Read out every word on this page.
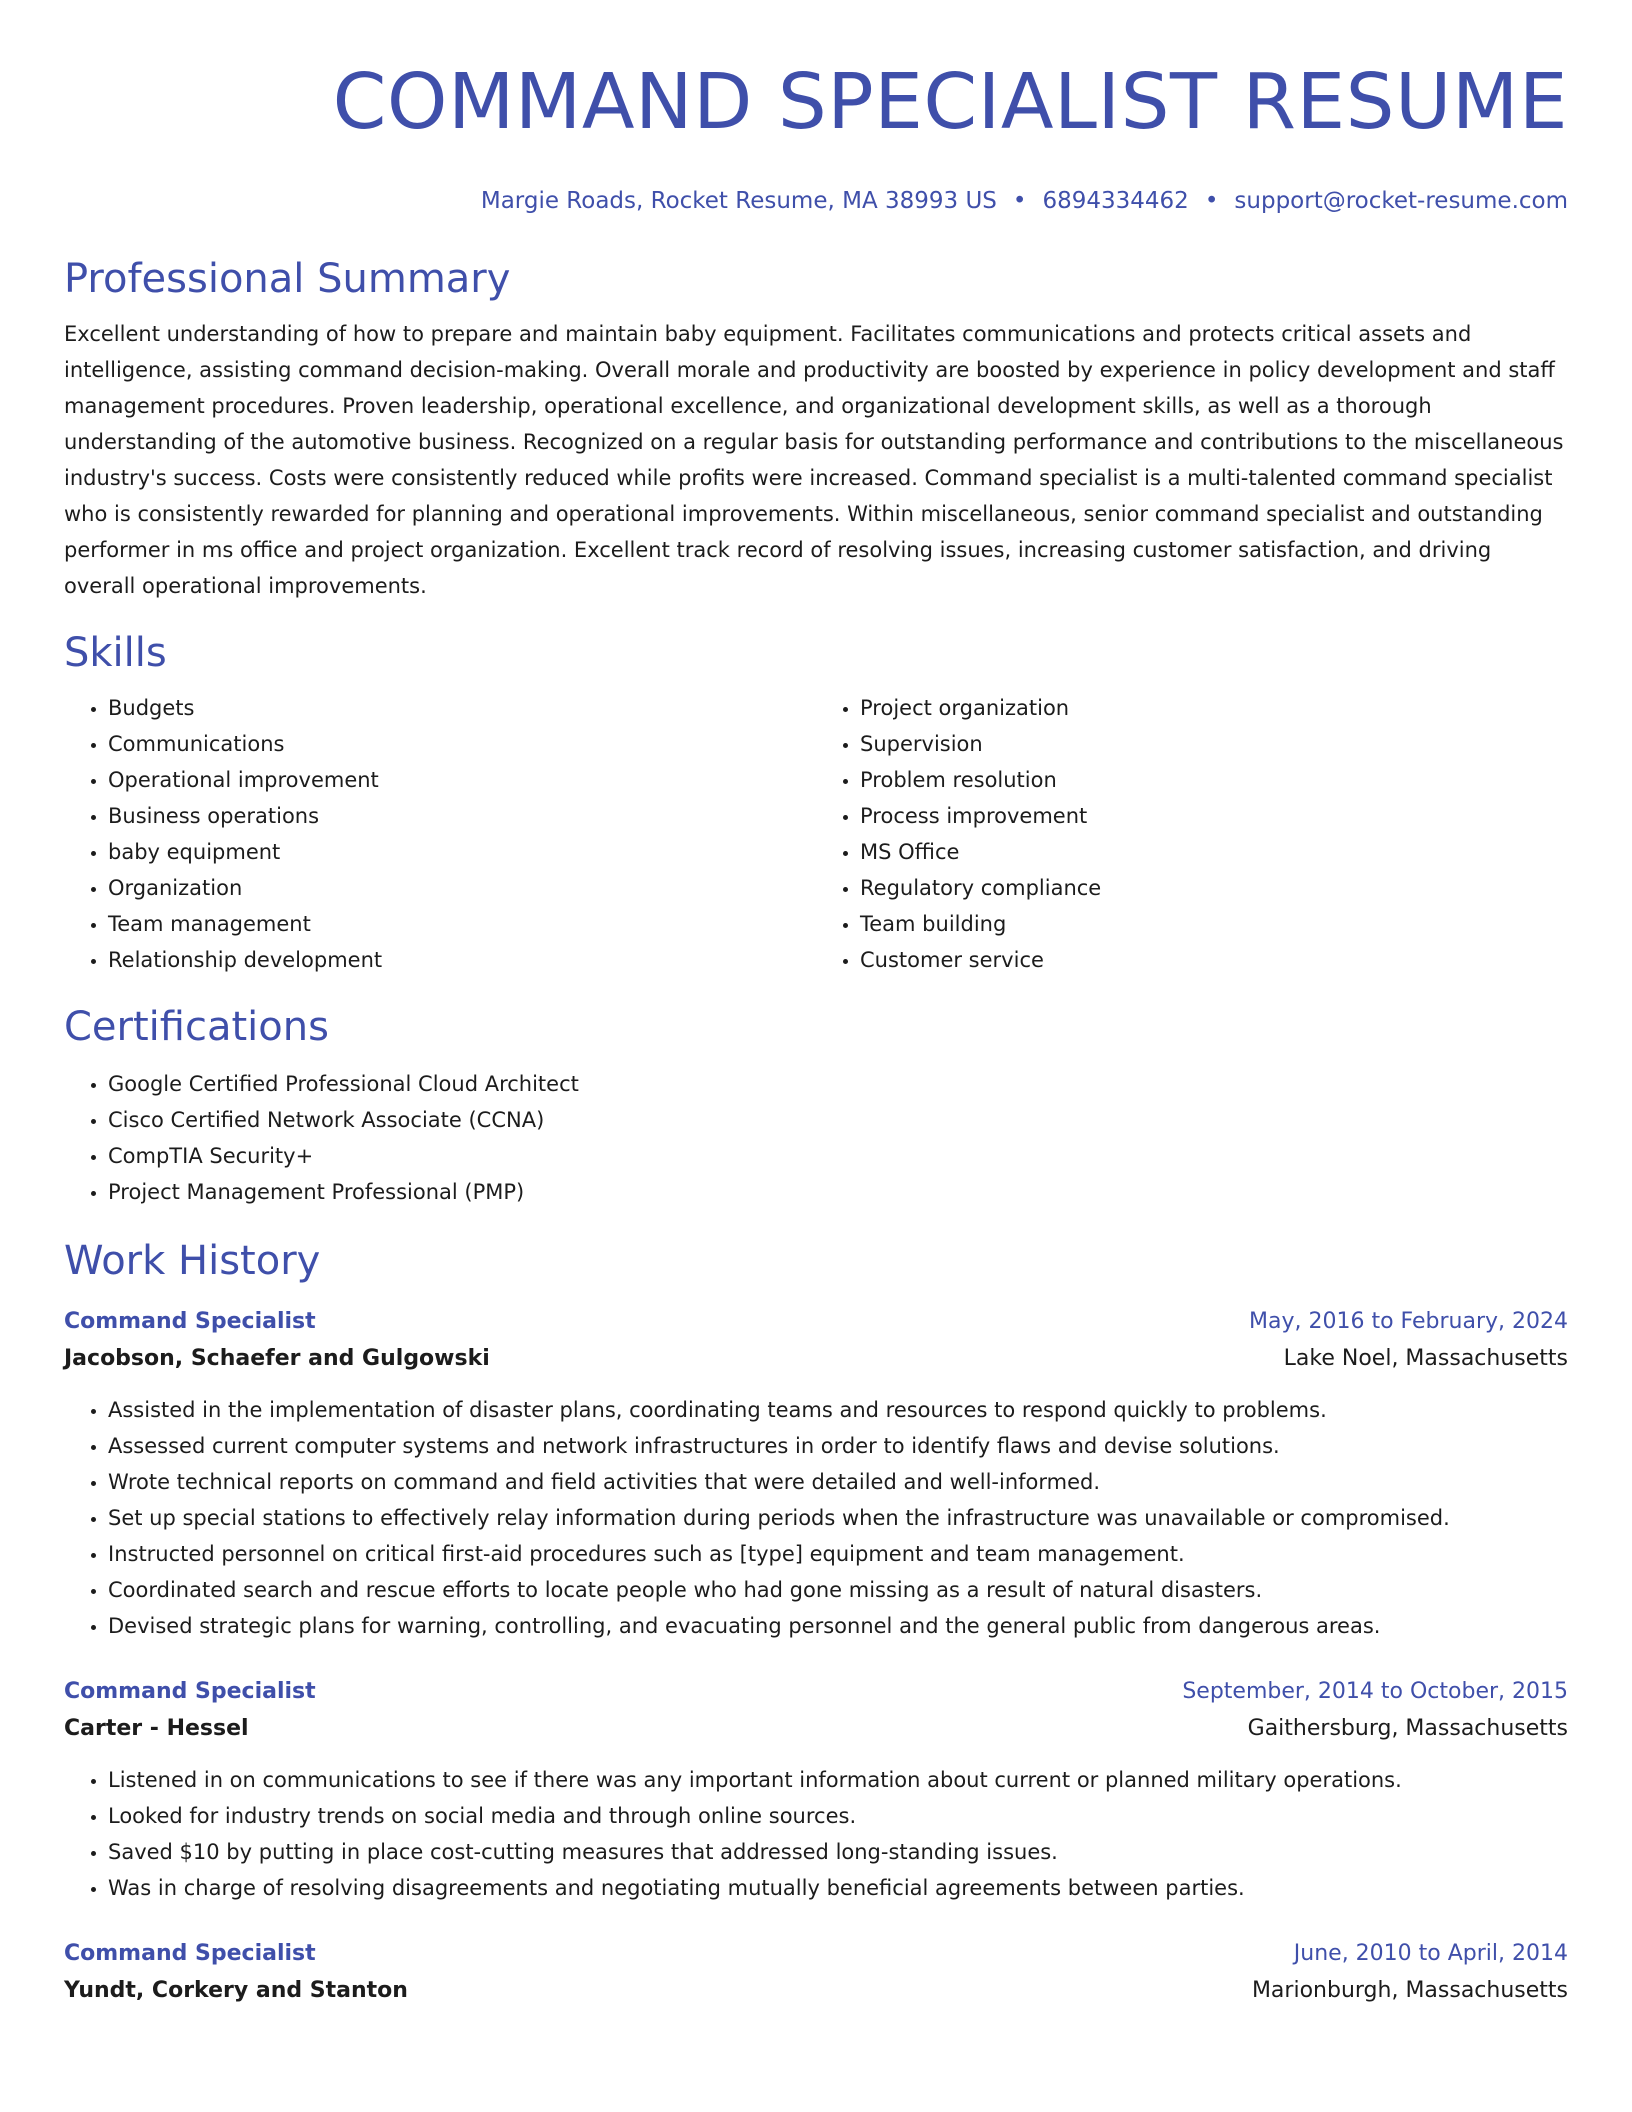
COMMAND SPECIALIST RESUME
Margie Roads, Rocket Resume, MA 38993 US • 6894334462 • support@rocket-resume.com
Professional Summary

Excellent understanding of how to prepare and maintain baby equipment. Facilitates communications and protects critical assets and intelligence, assisting command decision-making. Overall morale and productivity are boosted by experience in policy development and staff management procedures. Proven leadership, operational excellence, and organizational development skills, as well as a thorough understanding of the automotive business. Recognized on a regular basis for outstanding performance and contributions to the miscellaneous industry's success. Costs were consistently reduced while profits were increased. Command specialist is a multi-talented command specialist who is consistently rewarded for planning and operational improvements. Within miscellaneous, senior command specialist and outstanding performer in ms office and project organization. Excellent track record of resolving issues, increasing customer satisfaction, and driving overall operational improvements.

Skills
• Budgets
• Communications
• Operational improvement
• Business operations
• baby equipment
• Organization
• Team management
• Relationship development
• Project organization
• Supervision
• Problem resolution
• Process improvement
• MS Office
• Regulatory compliance
• Team building
• Customer service
Certifications
• Google Certified Professional Cloud Architect
• Cisco Certified Network Associate (CCNA)
• CompTIA Security+
• Project Management Professional (PMP)
Work History
Command Specialist	May, 2016 to February, 2024
Jacobson, Schaefer and Gulgowski	Lake Noel, Massachusetts
• Assisted in the implementation of disaster plans, coordinating teams and resources to respond quickly to problems.
• Assessed current computer systems and network infrastructures in order to identify flaws and devise solutions.
• Wrote technical reports on command and field activities that were detailed and well-informed.
• Set up special stations to effectively relay information during periods when the infrastructure was unavailable or compromised.
• Instructed personnel on critical first-aid procedures such as [type] equipment and team management.
• Coordinated search and rescue efforts to locate people who had gone missing as a result of natural disasters.
• Devised strategic plans for warning, controlling, and evacuating personnel and the general public from dangerous areas.
Command Specialist	September, 2014 to October, 2015
Carter - Hessel	Gaithersburg, Massachusetts
• Listened in on communications to see if there was any important information about current or planned military operations.
• Looked for industry trends on social media and through online sources.
• Saved $10 by putting in place cost-cutting measures that addressed long-standing issues.
• Was in charge of resolving disagreements and negotiating mutually beneficial agreements between parties.
Command Specialist	June, 2010 to April, 2014
Yundt, Corkery and Stanton	Marionburgh, Massachusetts
